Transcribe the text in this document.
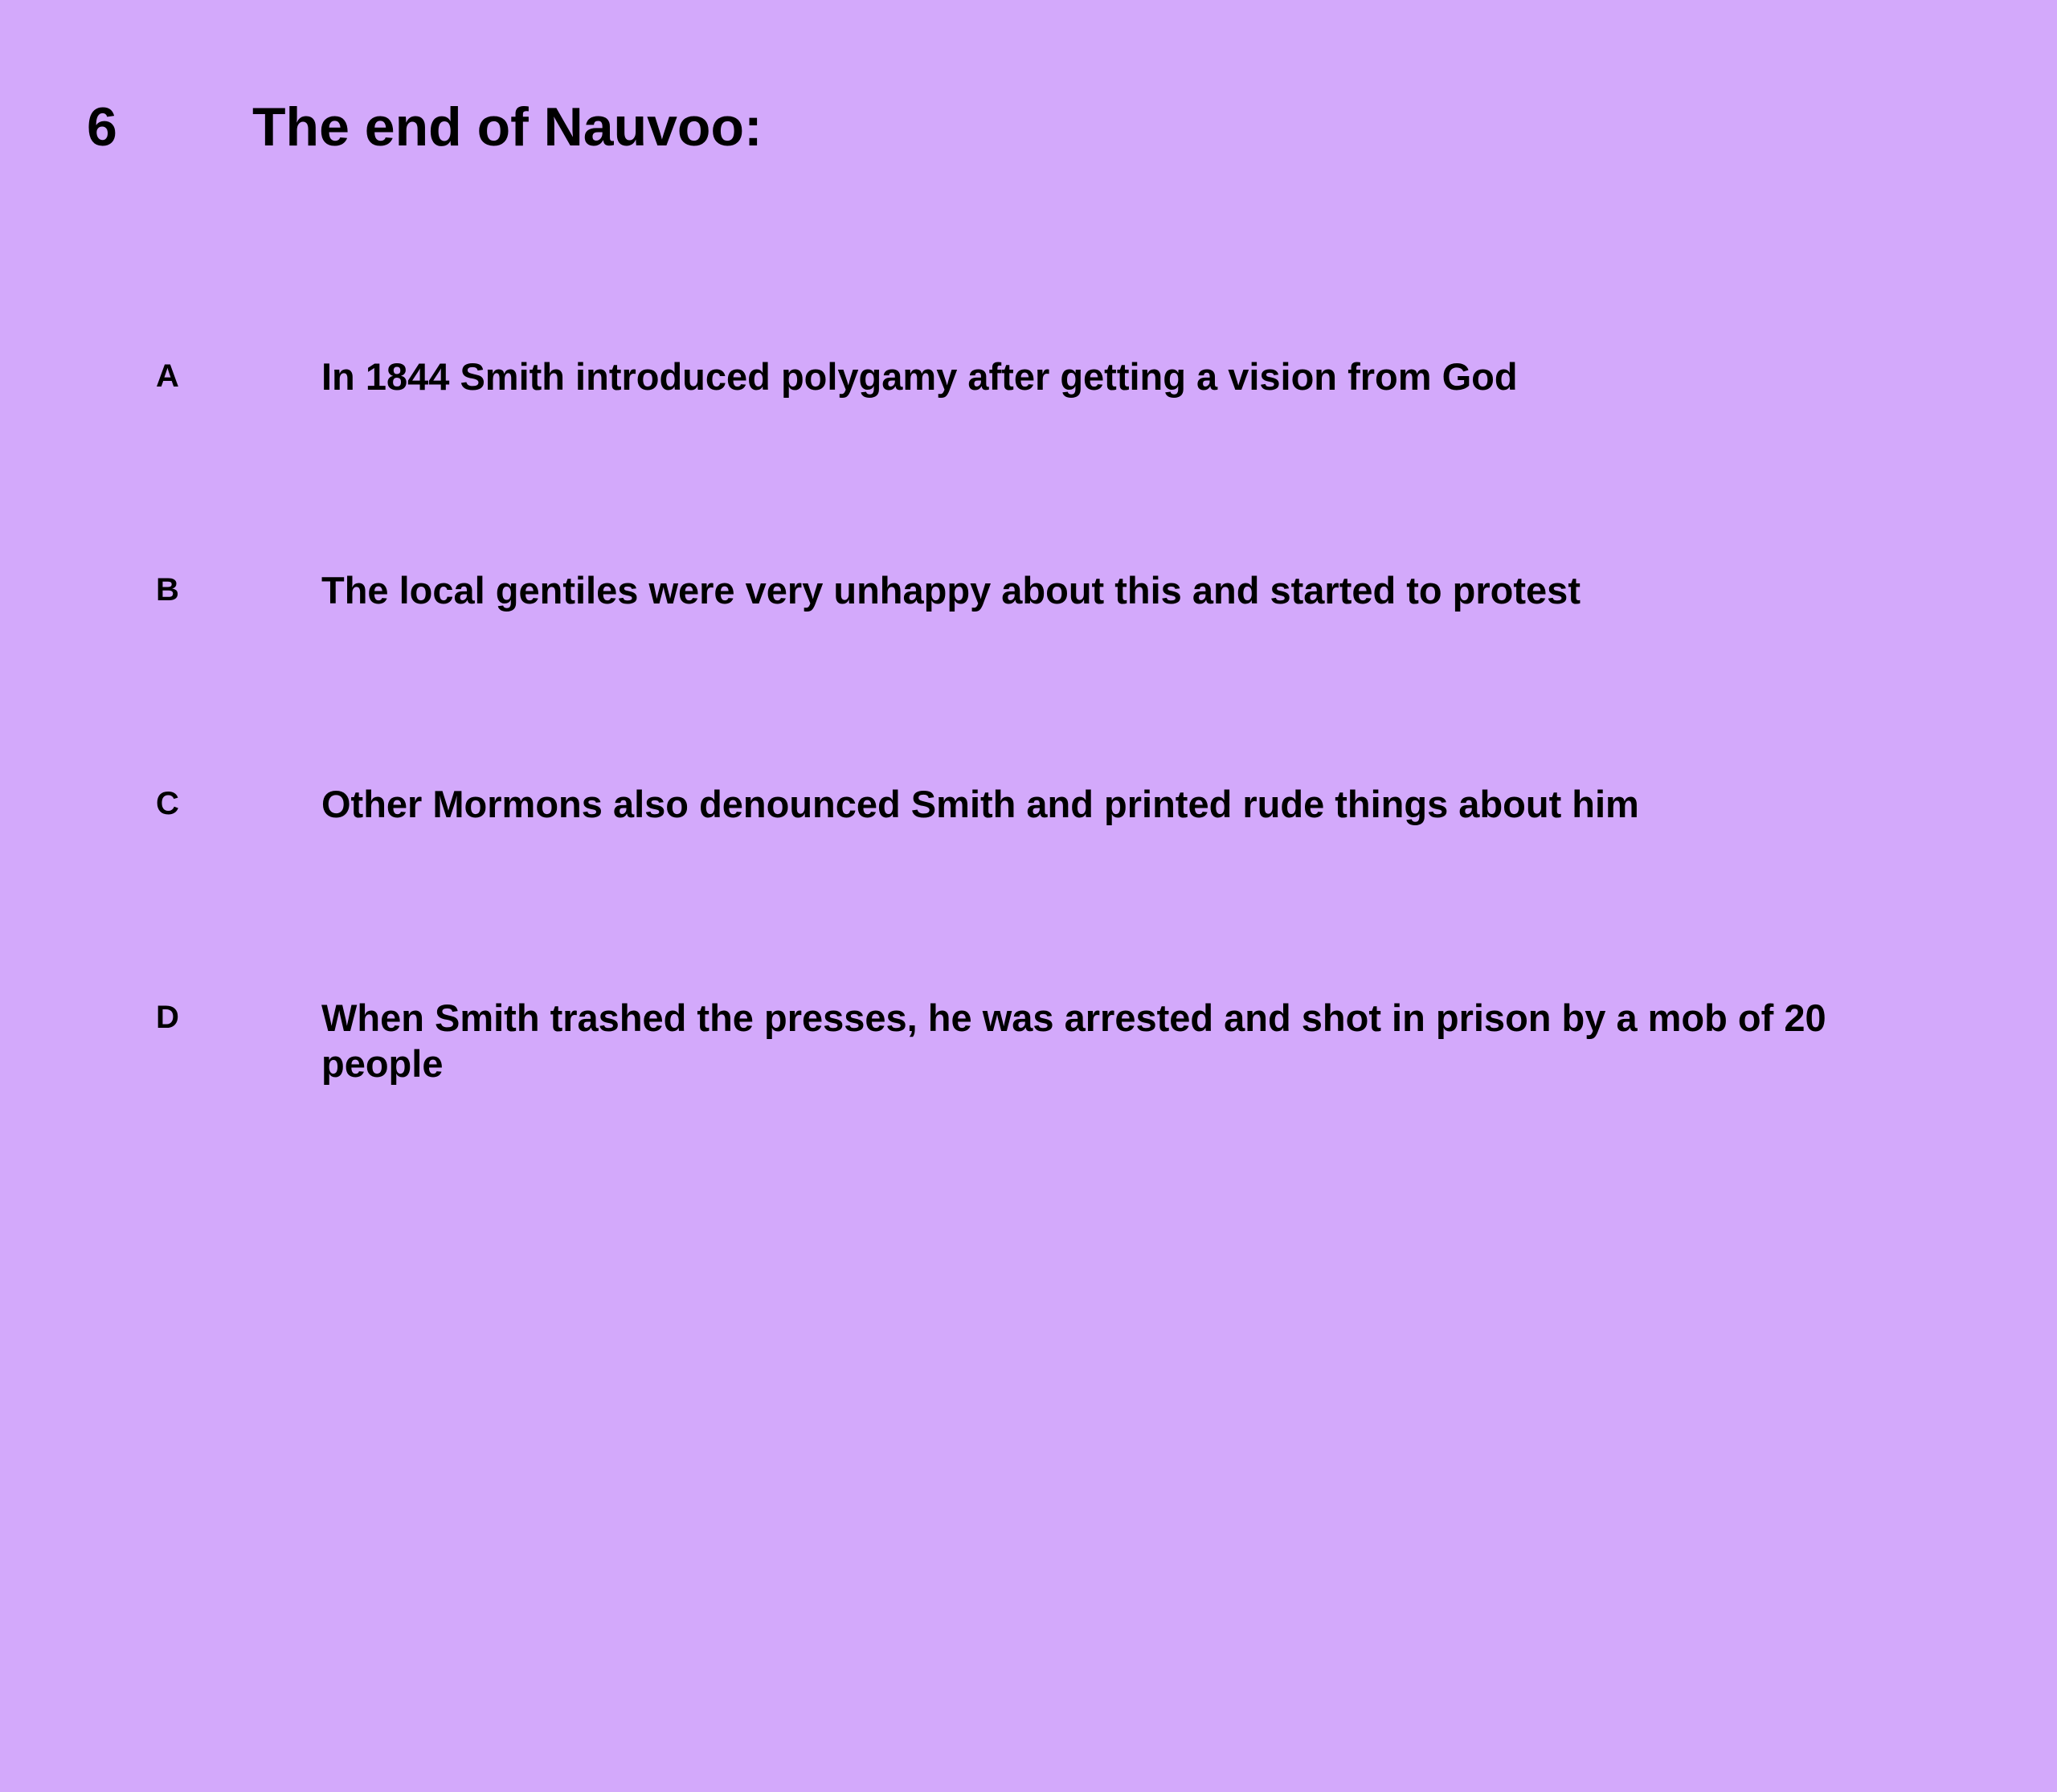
6 The end of Nauvoo:
A	In 1844 Smith introduced polygamy after getting a vision from God
B	The local gentiles were very unhappy about this and started to protest
C	Other Mormons also denounced Smith and printed rude things about him
D	When Smith trashed the presses, he was arrested and shot in prison by a mob of 20 people
